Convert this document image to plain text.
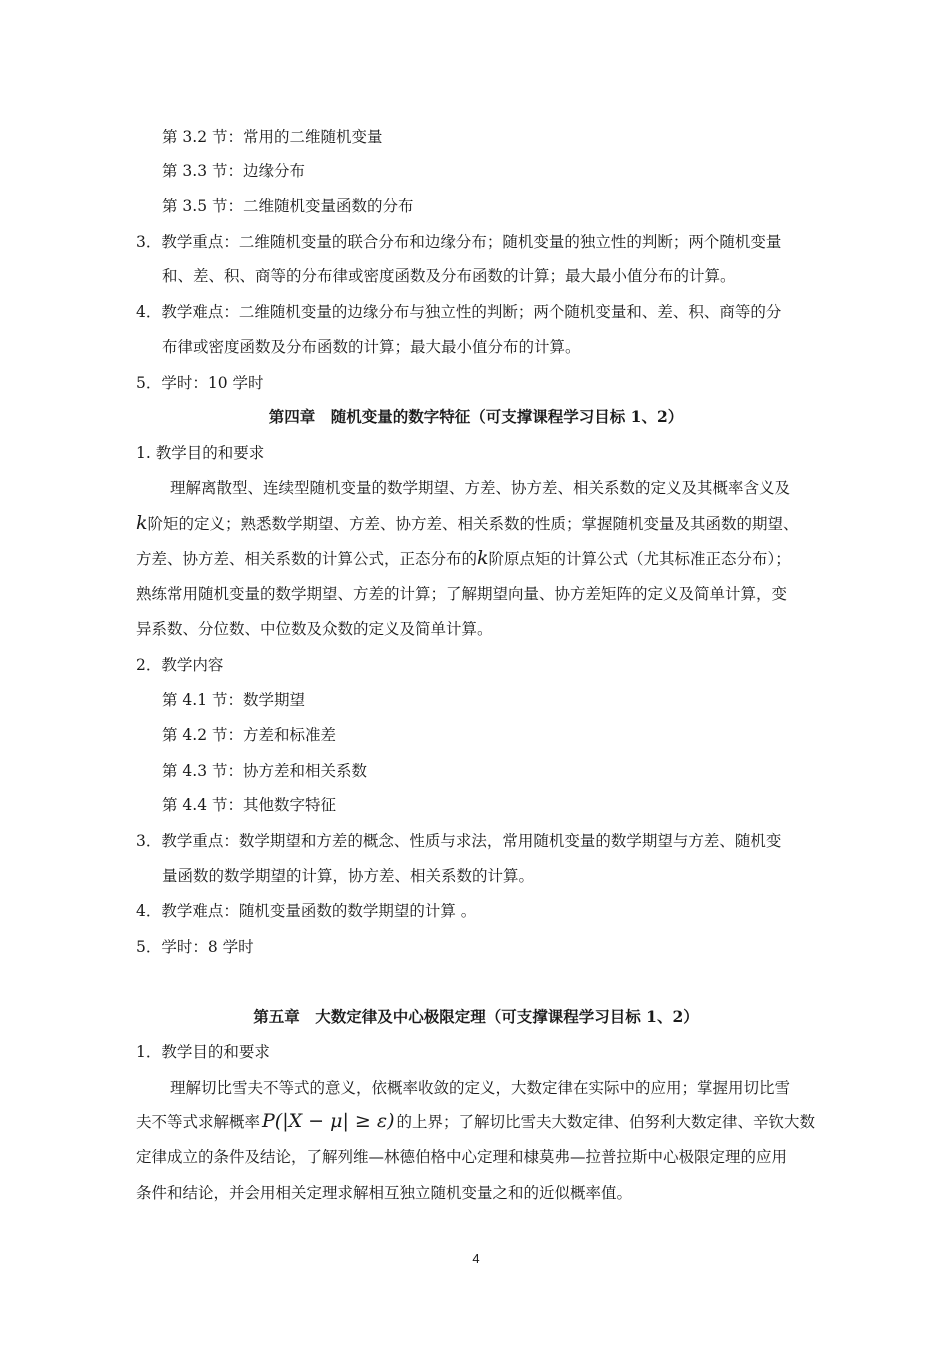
第 3.2 节：常用的二维随机变量
第 3.3 节：边缘分布
第 3.5 节：二维随机变量函数的分布
3．教学重点：二维随机变量的联合分布和边缘分布；随机变量的独立性的判断；两个随机变量
和、差、积、商等的分布律或密度函数及分布函数的计算；最大最小值分布的计算。
4．教学难点：二维随机变量的边缘分布与独立性的判断；两个随机变量和、差、积、商等的分
布律或密度函数及分布函数的计算；最大最小值分布的计算。
5．学时：10 学时
第四章　随机变量的数字特征（可支撑课程学习目标 1、2）
1. 教学目的和要求
理解离散型、连续型随机变量的数学期望、方差、协方差、相关系数的定义及其概率含义及
k阶矩的定义；熟悉数学期望、方差、协方差、相关系数的性质；掌握随机变量及其函数的期望、
方差、协方差、相关系数的计算公式，正态分布的k阶原点矩的计算公式（尤其标准正态分布）；
熟练常用随机变量的数学期望、方差的计算；了解期望向量、协方差矩阵的定义及简单计算，变
异系数、分位数、中位数及众数的定义及简单计算。
2．教学内容
第 4.1 节：数学期望
第 4.2 节：方差和标准差
第 4.3 节：协方差和相关系数
第 4.4 节：其他数字特征
3．教学重点：数学期望和方差的概念、性质与求法，常用随机变量的数学期望与方差、随机变
量函数的数学期望的计算，协方差、相关系数的计算。
4．教学难点：随机变量函数的数学期望的计算 。
5．学时：8 学时
第五章　大数定律及中心极限定理（可支撑课程学习目标 1、2）
1．教学目的和要求
理解切比雪夫不等式的意义，依概率收敛的定义，大数定律在实际中的应用；掌握用切比雪
夫不等式求解概率 P(|X − μ| ≥ ε) 的上界；了解切比雪夫大数定律、伯努利大数定律、辛钦大数
定律成立的条件及结论，了解列维—林德伯格中心定理和棣莫弗—拉普拉斯中心极限定理的应用
条件和结论，并会用相关定理求解相互独立随机变量之和的近似概率值。
4
